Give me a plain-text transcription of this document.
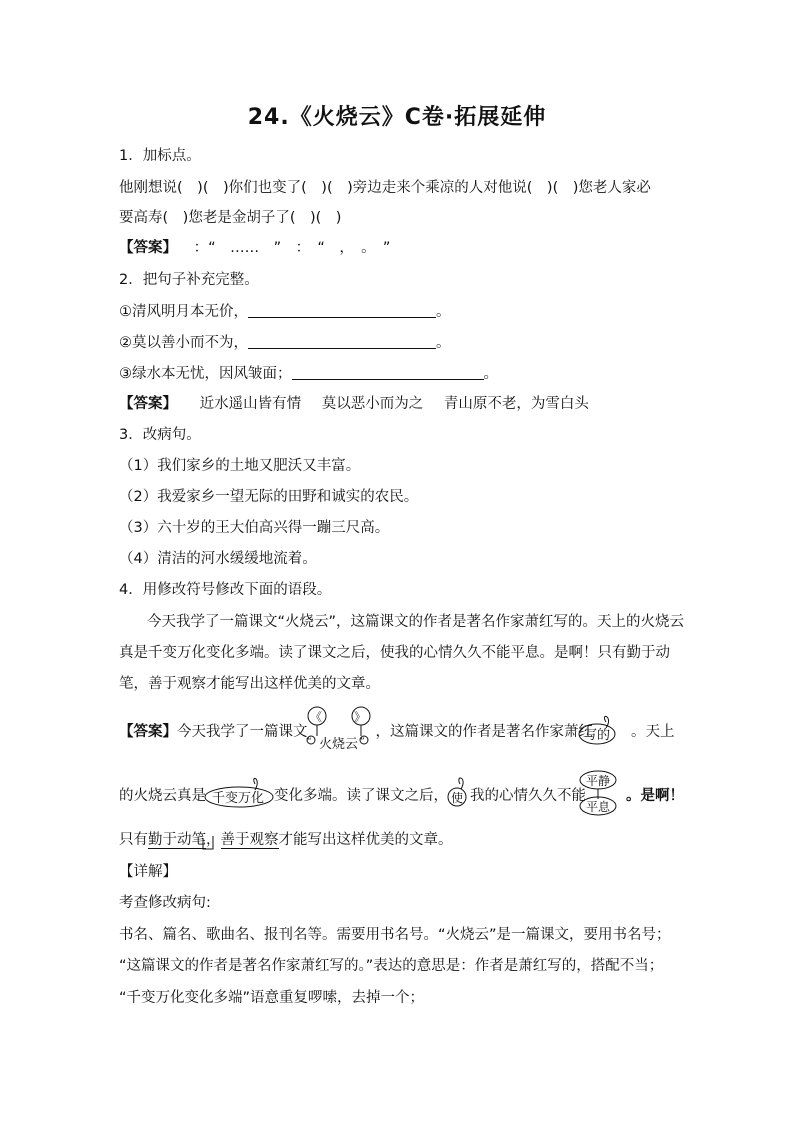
24.《火烧云》C卷·拓展延伸
1．加标点。
他刚想说(　)(　)你们也变了(　)(　)旁边走来个乘凉的人对他说(　)(　)您老人家必
要高寿(　)您老是金胡子了(　)(　)
【答案】 ：“　……　”　：　“　，　。　”
2．把句子补充完整。
①清风明月本无价，	。
②莫以善小而不为，	。
③绿水本无忧，因风皱面；	。
【答案】 近水遥山皆有情 莫以恶小而为之 青山原不老，为雪白头
3．改病句。
（1）我们家乡的土地又肥沃又丰富。
（2）我爱家乡一望无际的田野和诚实的农民。
（3）六十岁的王大伯高兴得一蹦三尺高。
（4）清洁的河水缓缓地流着。
4．用修改符号修改下面的语段。
今天我学了一篇课文“火烧云”，这篇课文的作者是著名作家萧红写的。天上的火烧云
真是千变万化变化多端。读了课文之后，使我的心情久久不能平息。是啊！只有勤于动
笔，善于观察才能写出这样优美的文章。
【答案】今天我学了一篇课文	，这篇课文的作者是著名作家萧红	。天上
的火烧云真是	变化多端。读了课文之后， 我的心情久久不能	。是啊！
只有勤于动笔，善于观察才能写出这样优美的文章。
《	》
“	”
火烧云
写的
千变万化	使
平静
平息
【详解】
考查修改病句:
书名、篇名、歌曲名、报刊名等。需要用书名号。“火烧云”是一篇课文，要用书名号；
“这篇课文的作者是著名作家萧红写的。”表达的意思是：作者是萧红写的，搭配不当；
“千变万化变化多端”语意重复啰嗦，去掉一个；
